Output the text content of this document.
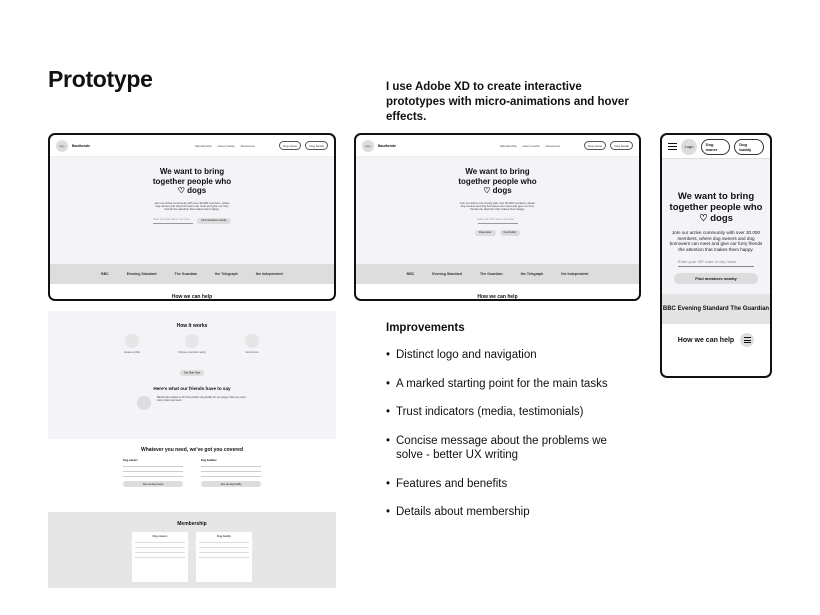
Prototype	I use Adobe XD to create interactive prototypes with micro-animations and hover effects.
logo	Bauthende	Membership How it works Resources	Dog owner	Dog buddy
We want to bring
together people who
♡ dogs

Join our active community with over 30,000 members, where dog owners and dog borrowers can meet and give our furry friends the attention that makes them happy.

Enter your ZIP code or city name	Find members nearby
BBC	Evening Standard	The Guardian	the Telegraph	the Independent
How we can help
logo	Bauthende	Membership How it works Resources	Dog owner	Dog buddy
We want to bring
together people who
♡ dogs

Join our active community with over 30,000 members, where dog owners and dog borrowers can meet and give our furry friends the attention that makes them happy.

Enter your ZIP code or city name
Dog owner	Dog buddy
BBC	Evening Standard	The Guardian	the Telegraph	the Independent
How we can help
How it works
Create a profile	Choose a member nearby	Get to know
Get Start Now
Here's what our friends have to say
Bauthende helped us find the perfect dog buddy for our puppy. Now we never worry when we travel.
Whatever you need, we've got you covered
Dog owners
Join as dog owner
Dog buddies
Join as dog buddy
Membership
Dog owners	Dog buddy
Logo	Dog owner
Dog buddy
We want to bring
together people who
♡ dogs

Join our active community with over 30.000 members, where dog owners and dog borrowers can meet and give our furry friends the attention that makes them happy.

Enter your ZIP code or city name
Find members nearby
BBC Evening Standard The Guardian
How we can help
Improvements
• Distinct logo and navigation
• A marked starting point for the main tasks
• Trust indicators (media, testimonials)
• Concise message about the problems we solve - better UX writing
• Features and benefits
• Details about membership
